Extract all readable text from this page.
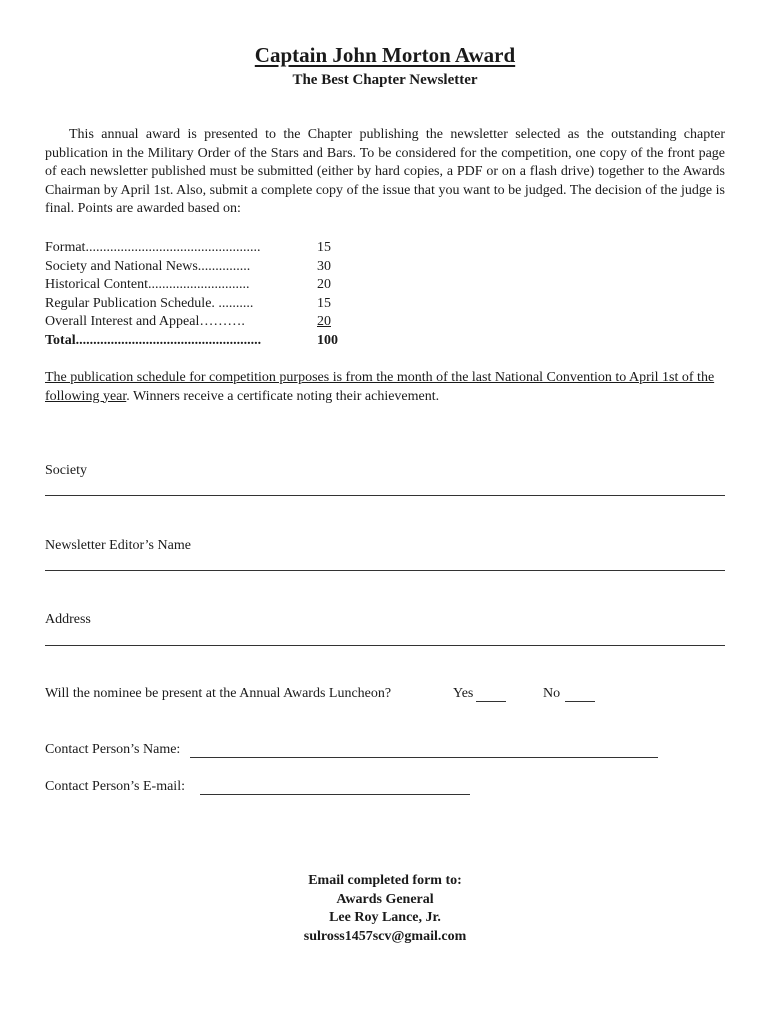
Captain John Morton Award
The Best Chapter Newsletter

This annual award is presented to the Chapter publishing the newsletter selected as the outstanding chapter publication in the Military Order of the Stars and Bars. To be considered for the competition, one copy of the front page of each newsletter published must be submitted (either by hard copies, a PDF or on a flash drive) together to the Awards Chairman by April 1st. Also, submit a complete copy of the issue that you want to be judged. The decision of the judge is final. Points are awarded based on:

Format..................................................	15
Society and National News...............	30
Historical Content.............................	20
Regular Publication Schedule. ..........	15
Overall Interest and Appeal……….	20
Total.....................................................	100

The publication schedule for competition purposes is from the month of the last National Convention to April 1st of the following year. Winners receive a certificate noting their achievement.

Society
Newsletter Editor’s Name
Address
Will the nominee be present at the Annual Awards Luncheon?	Yes	No
Contact Person’s Name:
Contact Person’s E-mail:
Email completed form to:
Awards General
Lee Roy Lance, Jr.
sulross1457scv@gmail.com
